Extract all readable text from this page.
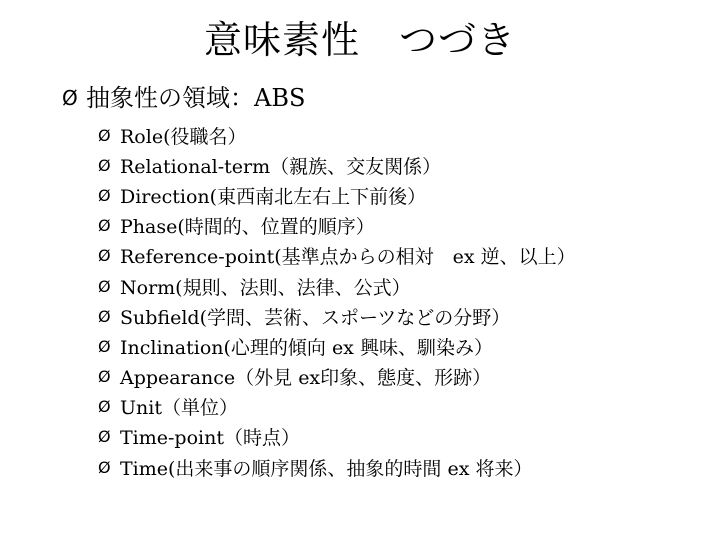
意味素性　つづき
Ø 抽象性の領域：ABS
Ø Role(役職名）
Ø Relational-term（親族、交友関係）
Ø Direction(東西南北左右上下前後）
Ø Phase(時間的、位置的順序）
Ø Reference-point(基準点からの相対　ex 逆、以上）
Ø Norm(規則、法則、法律、公式）
Ø Subfield(学問、芸術、スポーツなどの分野）
Ø Inclination(心理的傾向 ex 興味、馴染み）
Ø Appearance（外見 ex印象、態度、形跡）
Ø Unit（単位）
Ø Time-point（時点）
Ø Time(出来事の順序関係、抽象的時間 ex 将来）
